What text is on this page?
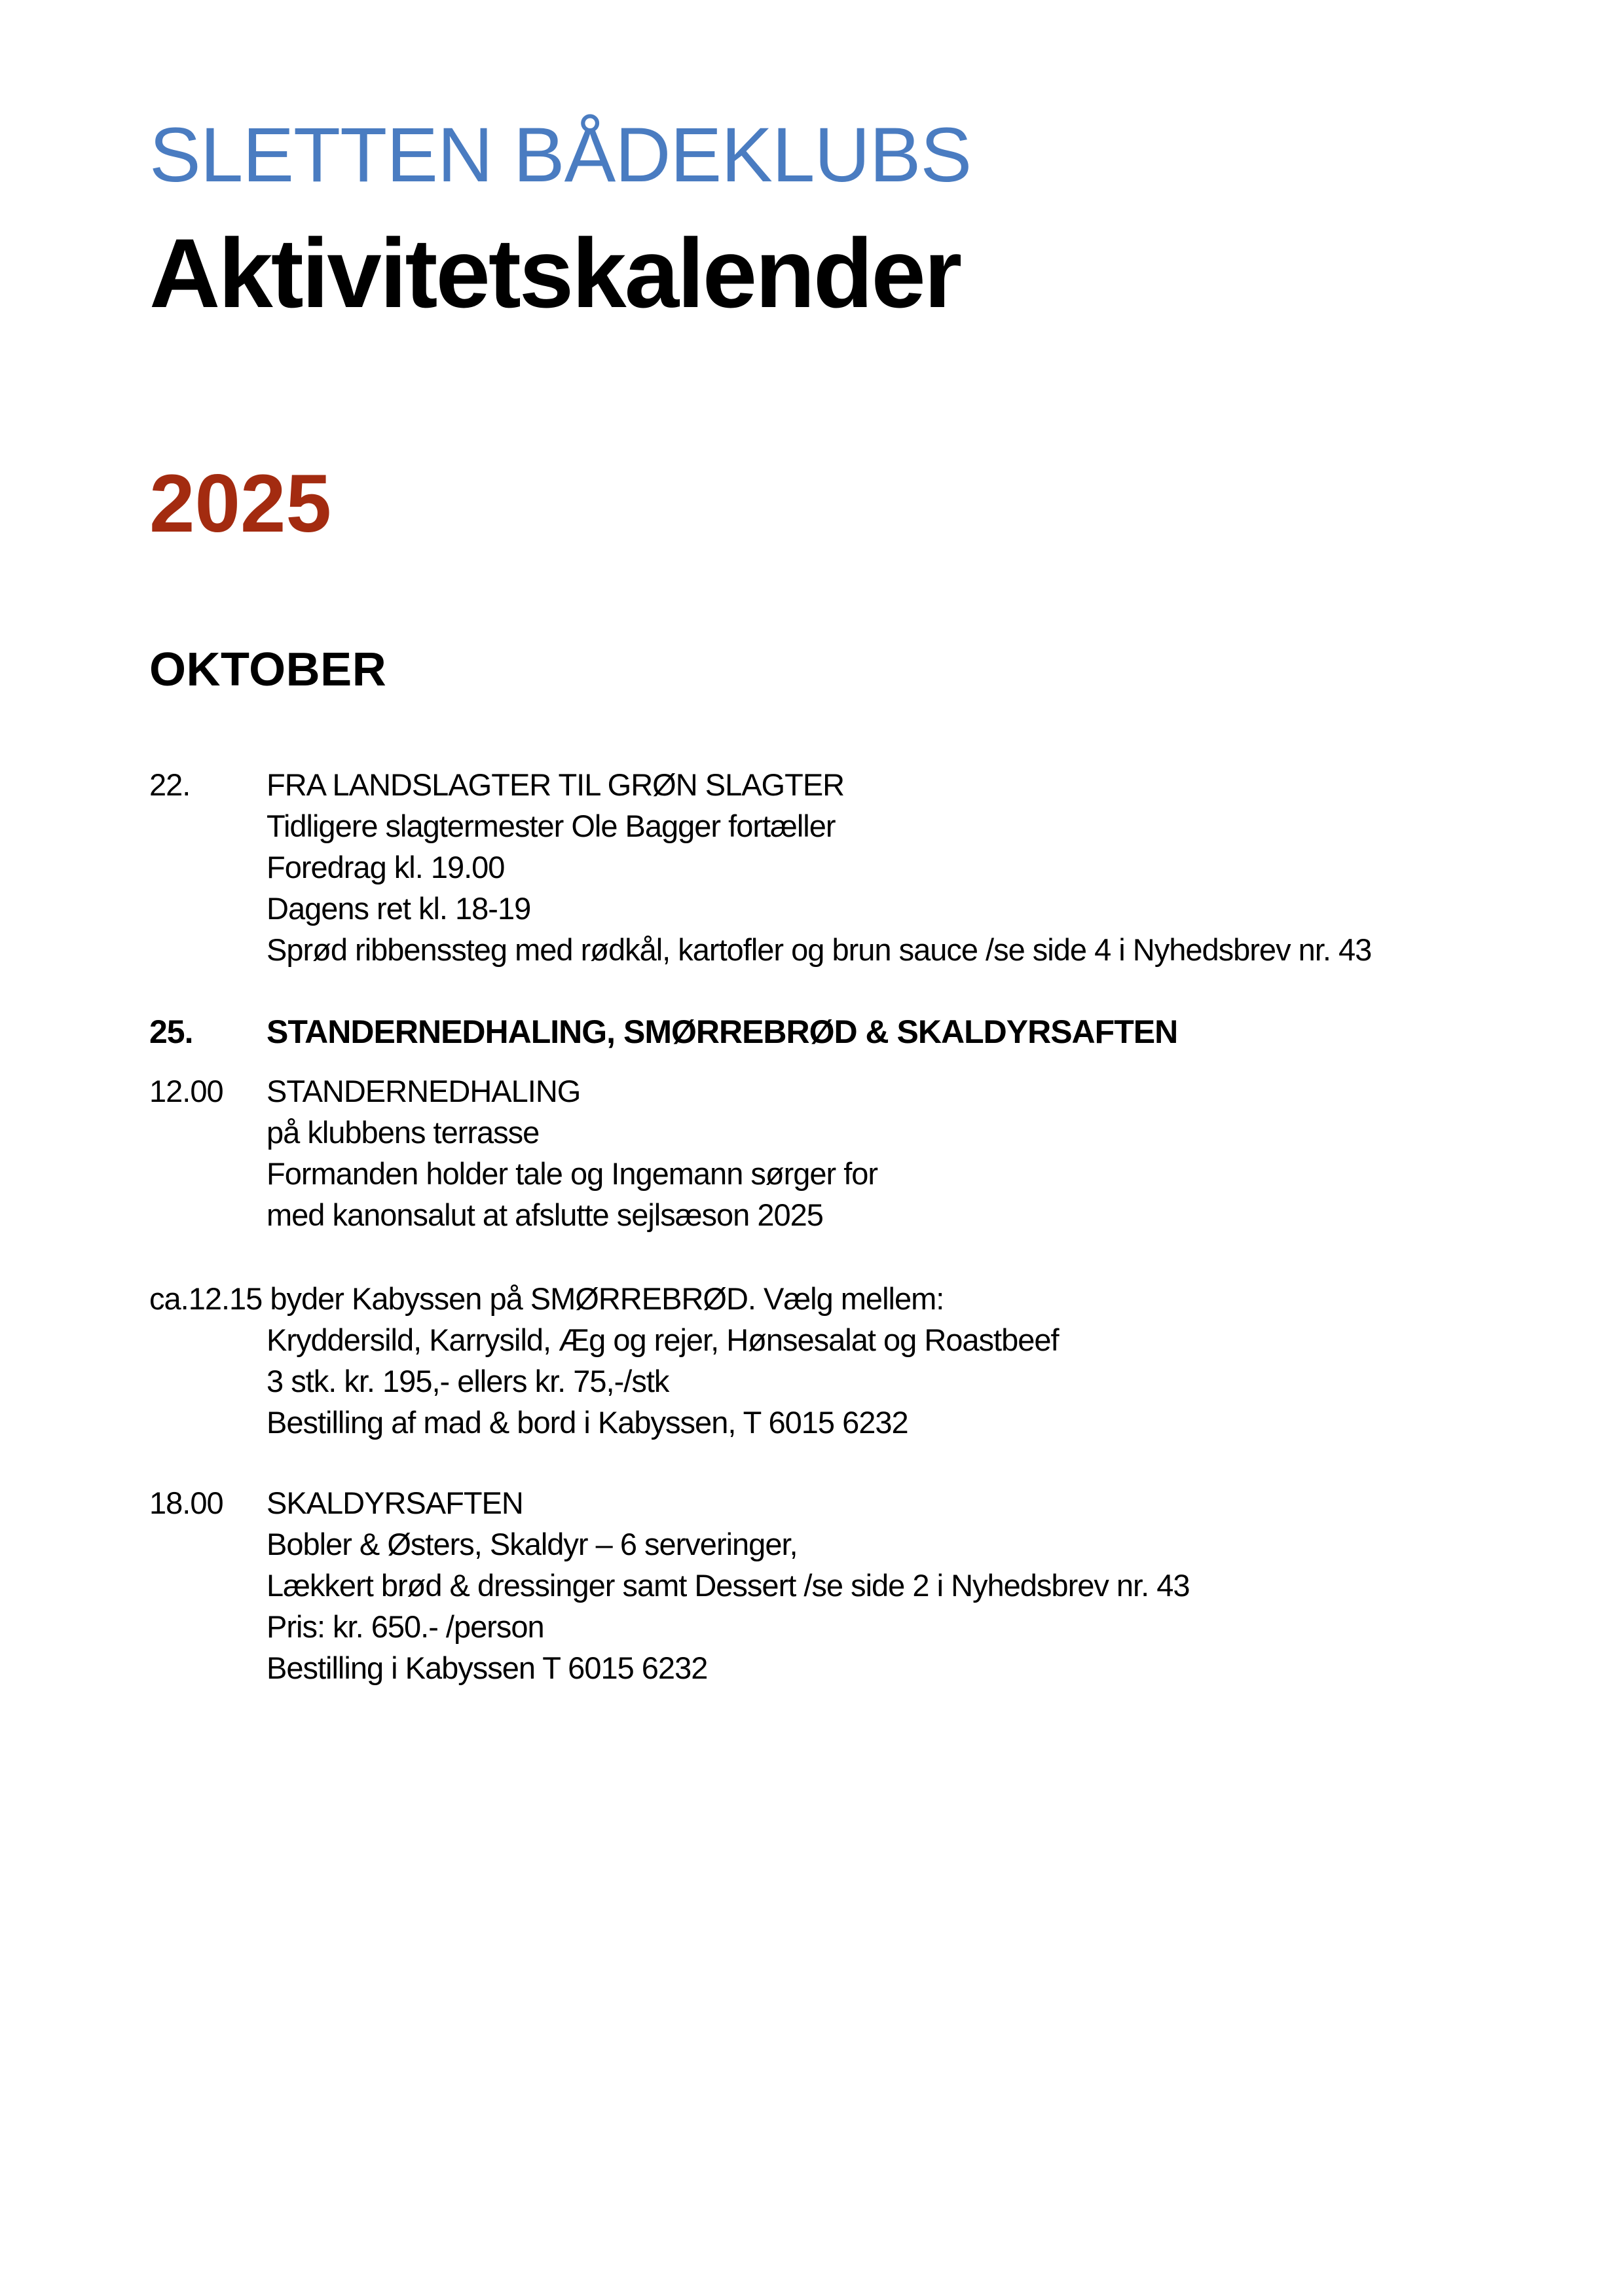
SLETTEN BÅDEKLUBS
Aktivitetskalender
2025
OKTOBER
22. FRA LANDSLAGTER TIL GRØN SLAGTER
Tidligere slagtermester Ole Bagger fortæller
Foredrag kl. 19.00
Dagens ret kl. 18-19
Sprød ribbenssteg med rødkål, kartofler og brun sauce /se side 4 i Nyhedsbrev nr. 43
25. STANDERNEDHALING, SMØRREBRØD & SKALDYRSAFTEN
12.00 STANDERNEDHALING
på klubbens terrasse
Formanden holder tale og Ingemann sørger for
med kanonsalut at afslutte sejlsæson 2025
ca.12.15 byder Kabyssen på SMØRREBRØD. Vælg mellem:
Kryddersild, Karrysild, Æg og rejer, Hønsesalat og Roastbeef
3 stk. kr. 195,- ellers kr. 75,-/stk
Bestilling af mad & bord i Kabyssen, T 6015 6232
18.00 SKALDYRSAFTEN
Bobler & Østers, Skaldyr – 6 serveringer,
Lækkert brød & dressinger samt Dessert /se side 2 i Nyhedsbrev nr. 43
Pris: kr. 650.- /person
Bestilling i Kabyssen T 6015 6232
